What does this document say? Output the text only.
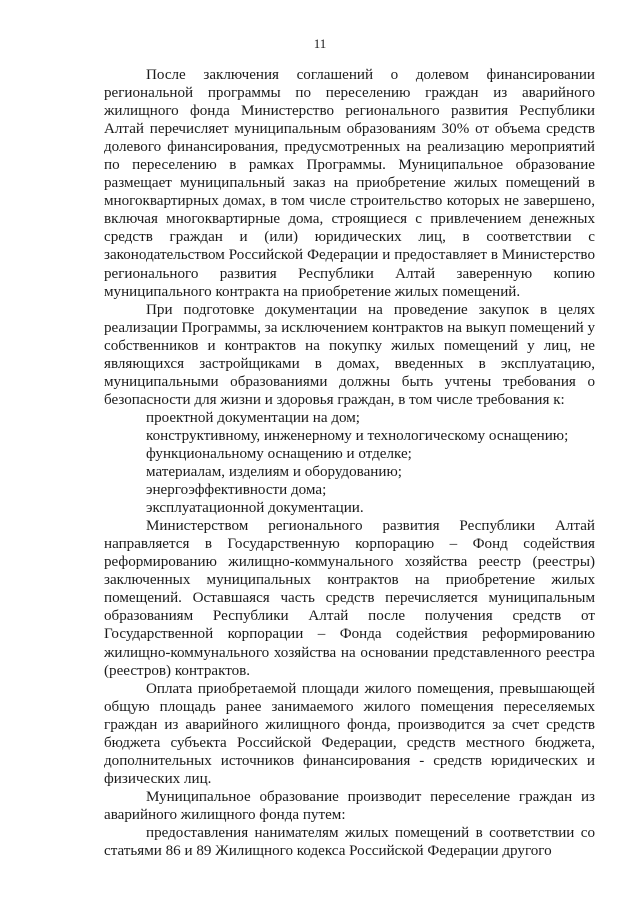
11

После заключения соглашений о долевом финансировании региональной программы по переселению граждан из аварийного жилищного фонда Министерство регионального развития Республики Алтай перечисляет муниципальным образованиям 30% от объема средств долевого финансирования, предусмотренных на реализацию мероприятий по переселению в рамках Программы. Муниципальное образование размещает муниципальный заказ на приобретение жилых помещений в многоквартирных домах, в том числе строительство которых не завершено, включая многоквартирные дома, строящиеся с привлечением денежных средств граждан и (или) юридических лиц, в соответствии с законодательством Российской Федерации и предоставляет в Министерство регионального развития Республики Алтай заверенную копию муниципального контракта на приобретение жилых помещений.

При подготовке документации на проведение закупок в целях реализации Программы, за исключением контрактов на выкуп помещений у собственников и контрактов на покупку жилых помещений у лиц, не являющихся застройщиками в домах, введенных в эксплуатацию, муниципальными образованиями должны быть учтены требования о безопасности для жизни и здоровья граждан, в том числе требования к:

проектной документации на дом;

конструктивному, инженерному и технологическому оснащению;

функциональному оснащению и отделке;

материалам, изделиям и оборудованию;

энергоэффективности дома;

эксплуатационной документации.

Министерством регионального развития Республики Алтай направляется в Государственную корпорацию – Фонд содействия реформированию жилищно-коммунального хозяйства реестр (реестры) заключенных муниципальных контрактов на приобретение жилых помещений. Оставшаяся часть средств перечисляется муниципальным образованиям Республики Алтай после получения средств от Государственной корпорации – Фонда содействия реформированию жилищно-коммунального хозяйства на основании представленного реестра (реестров) контрактов.

Оплата приобретаемой площади жилого помещения, превышающей общую площадь ранее занимаемого жилого помещения переселяемых граждан из аварийного жилищного фонда, производится за счет средств бюджета субъекта Российской Федерации, средств местного бюджета, дополнительных источников финансирования - средств юридических и физических лиц.

Муниципальное образование производит переселение граждан из аварийного жилищного фонда путем:

предоставления нанимателям жилых помещений в соответствии со статьями 86 и 89 Жилищного кодекса Российской Федерации другого
